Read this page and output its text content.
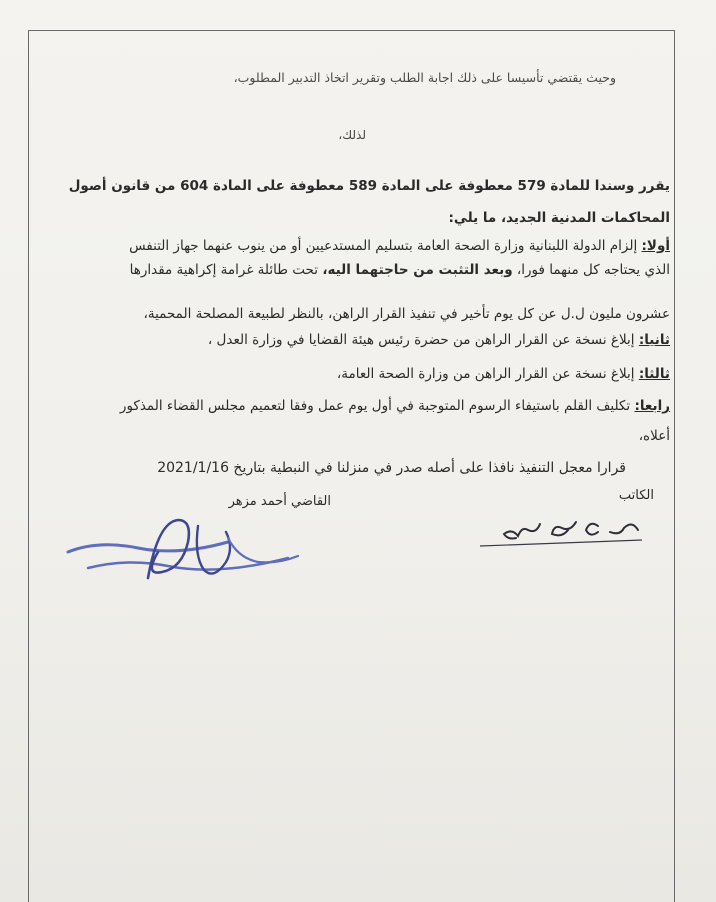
وحيث يقتضي تأسيسا على ذلك اجابة الطلب وتقرير اتخاذ التدبير المطلوب،
لذلك،
يقرر وسندا للمادة 579 معطوفة على المادة 589 معطوفة على المادة 604 من قانون أصول
المحاكمات المدنية الجديد، ما يلي:
أولا: إلزام الدولة اللبنانية وزارة الصحة العامة بتسليم المستدعيين أو من ينوب عنهما جهاز التنفس
الذي يحتاجه كل منهما فورا، وبعد التثبت من حاجتهما اليه، تحت طائلة غرامة إكراهية مقدارها
عشرون مليون ل.ل عن كل يوم تأخير في تنفيذ القرار الراهن، بالنظر لطبيعة المصلحة المحمية،
ثانيا: إبلاغ نسخة عن القرار الراهن من حضرة رئيس هيئة القضايا في وزارة العدل ،
ثالثا: إبلاغ نسخة عن القرار الراهن من وزارة الصحة العامة،
رابعا: تكليف القلم باستيفاء الرسوم المتوجبة في أول يوم عمل وفقا لتعميم مجلس القضاء المذكور
أعلاه،
قرارا معجل التنفيذ نافذا على أصله صدر في منزلنا في النبطية بتاريخ 2021/1/16
الكاتب
القاضي أحمد مزهر
